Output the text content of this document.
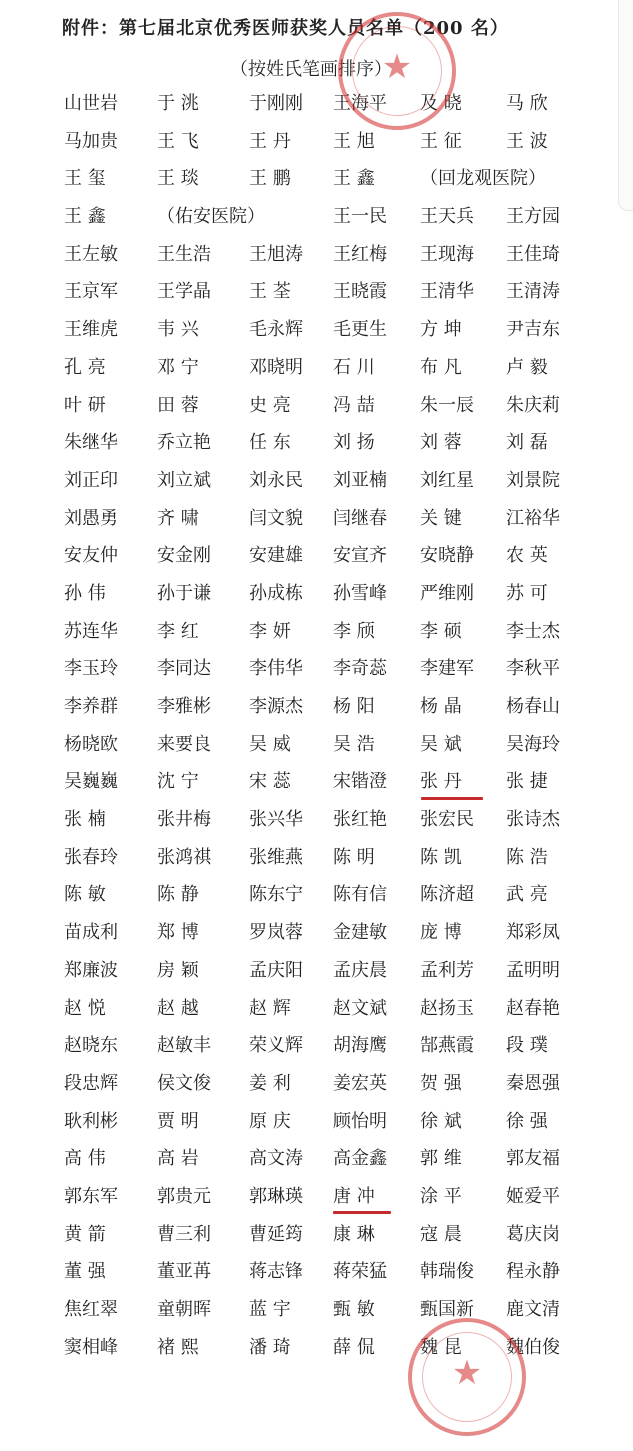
附件：第七届北京优秀医师获奖人员名单（200 名）
（按姓氏笔画排序）
山世岩 于 洮	于刚刚 王海平 及 晓 马 欣
马加贵 王 飞	王 丹 王 旭	王 征 王 波
王 玺	王 琰	王 鹏 王 鑫	（回龙观医院）
王 鑫	（佑安医院）	王一民 王天兵 王方园
王左敏 王生浩 王旭涛 王红梅 王现海 王佳琦
王京军 王学晶 王 荃 王晓霞 王清华 王清涛
王维虎 韦 兴	毛永辉 毛更生 方 坤 尹吉东
孔 亮	邓 宁	邓晓明 石 川	布 凡 卢 毅
叶 研	田 蓉	史 亮 冯 喆	朱一辰 朱庆莉
朱继华 乔立艳 任 东 刘 扬	刘 蓉 刘 磊
刘正印 刘立斌 刘永民 刘亚楠 刘红星 刘景院
刘愚勇 齐 啸	闫文貌 闫继春 关 键 江裕华
安友仲 安金刚 安建雄 安宣齐 安晓静 农 英
孙 伟	孙于谦 孙成栋 孙雪峰 严维刚 苏 可
苏连华 李 红	李 妍 李 颀	李 硕 李士杰
李玉玲 李同达 李伟华 李奇蕊 李建军 李秋平
李养群 李雅彬 李源杰 杨 阳	杨 晶 杨春山
杨晓欧 来要良 吴 威 吴 浩	吴 斌 吴海玲
吴巍巍 沈 宁	宋 蕊 宋锴澄 张 丹 张 捷
张 楠	张井梅 张兴华 张红艳 张宏民 张诗杰
张春玲 张鸿祺 张维燕 陈 明	陈 凯 陈 浩
陈 敏	陈 静	陈东宁 陈有信 陈济超 武 亮
苗成利 郑 博	罗岚蓉 金建敏 庞 博 郑彩凤
郑廉波 房 颖	孟庆阳 孟庆晨 孟利芳 孟明明
赵 悦	赵 越	赵 辉 赵文斌 赵扬玉 赵春艳
赵晓东 赵敏丰 荣义辉 胡海鹰 郜燕霞 段 璞
段忠辉 侯文俊 姜 利 姜宏英 贺 强 秦恩强
耿利彬 贾 明	原 庆 顾怡明 徐 斌 徐 强
高 伟	高 岩	高文涛 高金鑫 郭 维 郭友福
郭东军 郭贵元 郭琳瑛 唐 冲	涂 平 姬爱平
黄 箭	曹三利 曹延筠 康 琳	寇 晨 葛庆岗
董 强	董亚苒 蒋志锋 蒋荣猛 韩瑞俊 程永静
焦红翠 童朝晖 蓝 宇 甄 敏	甄国新 鹿文清
窦相峰 褚 熙	潘 琦 薛 侃	魏 昆 魏伯俊
★
★
